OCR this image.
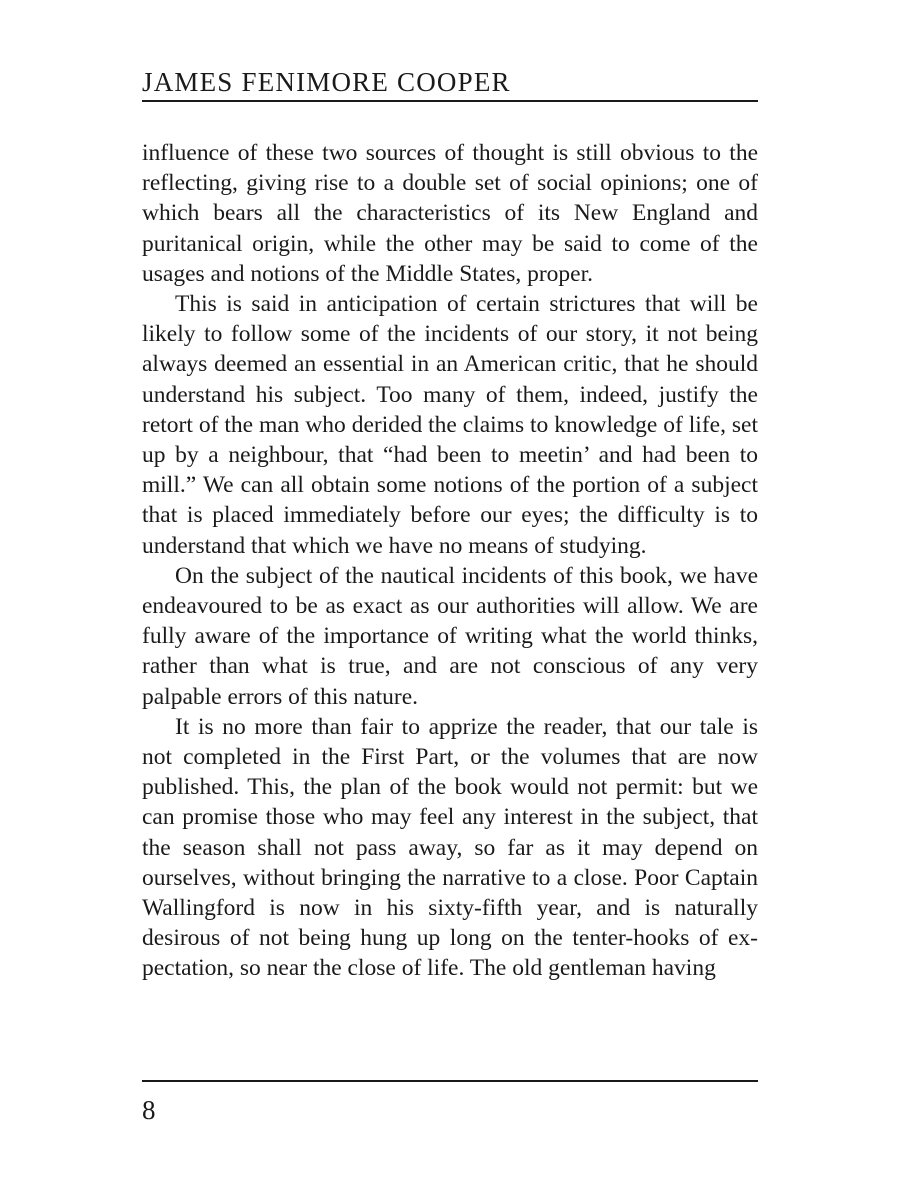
JAMES FENIMORE COOPER

influence of these two sources of thought is still obvious to the reflecting, giving rise to a double set of social opinions; one of which bears all the characteristics of its New England and puritanical origin, while the other may be said to come of the usages and notions of the Middle States, proper.

This is said in anticipation of certain strictures that will be likely to follow some of the incidents of our story, it not being always deemed an essential in an American critic, that he should understand his subject. Too many of them, indeed, justify the retort of the man who derided the claims to knowledge of life, set up by a neighbour, that “had been to meetin’ and had been to mill.” We can all obtain some notions of the portion of a subject that is placed immediately before our eyes; the difficulty is to understand that which we have no means of studying.

On the subject of the nautical incidents of this book, we have endeavoured to be as exact as our authorities will allow. We are fully aware of the importance of writing what the world thinks, rather than what is true, and are not conscious of any very palpable errors of this nature.

It is no more than fair to apprize the reader, that our tale is not completed in the First Part, or the volumes that are now published. This, the plan of the book would not permit: but we can promise those who may feel any interest in the subject, that the season shall not pass away, so far as it may depend on ourselves, without bringing the narrative to a close. Poor Captain Wallingford is now in his sixty-fifth year, and is naturally desirous of not being hung up long on the tenter-hooks of expectation, so near the close of life. The old gentleman having

8
